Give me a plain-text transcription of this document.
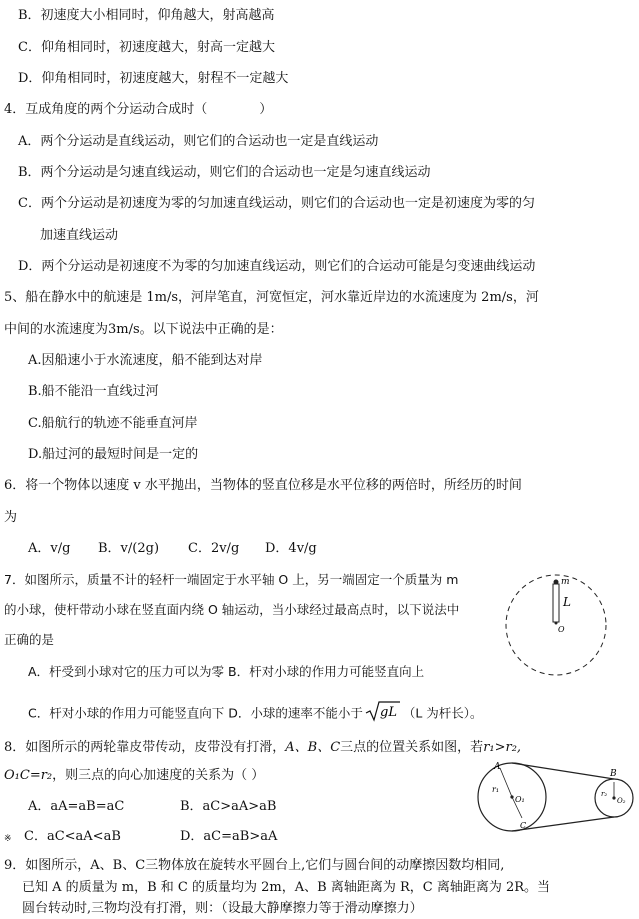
B．初速度大小相同时，仰角越大，射高越高
C．仰角相同时，初速度越大，射高一定越大
D．仰角相同时，初速度越大，射程不一定越大
4．互成角度的两个分运动合成时（　　　　）
A．两个分运动是直线运动，则它们的合运动也一定是直线运动
B．两个分运动是匀速直线运动，则它们的合运动也一定是匀速直线运动
C．两个分运动是初速度为零的匀加速直线运动，则它们的合运动也一定是初速度为零的匀
加速直线运动
D．两个分运动是初速度不为零的匀加速直线运动，则它们的合运动可能是匀变速曲线运动
5、船在静水中的航速是 1m/s，河岸笔直，河宽恒定，河水靠近岸边的水流速度为 2m/s，河
中间的水流速度为3m/s。以下说法中正确的是：
A.因船速小于水流速度，船不能到达对岸
B.船不能沿一直线过河
C.船航行的轨迹不能垂直河岸
D.船过河的最短时间是一定的
6．将一个物体以速度 v 水平抛出，当物体的竖直位移是水平位移的两倍时，所经历的时间
为
A．v/g B．v/(2g) C．2v/g D．4v/g
7．如图所示，质量不计的轻杆一端固定于水平轴 O 上，另一端固定一个质量为 m
的小球，使杆带动小球在竖直面内绕 O 轴运动，当小球经过最高点时，以下说法中
正确的是
A．杆受到小球对它的压力可以为零 B．杆对小球的作用力可能竖直向上
C．杆对小球的作用力可能竖直向下 D．小球的速率不能小于 gL （L 为杆长）。
m
L
O
8．如图所示的两轮靠皮带传动，皮带没有打滑，A、B、C三点的位置关系如图，若r₁>r₂,
O₁C=r₂，则三点的向心加速度的关系为（ ）
A．aA=aB=aC	B．aC>aA>aB
※ C．aC<aA<aB	D．aC=aB>aA
A
B
C
r₁	r₂
O₁	O₂
9．如图所示，A、B、C三物体放在旋转水平圆台上,它们与圆台间的动摩擦因数均相同,
已知 A 的质量为 m，B 和 C 的质量均为 2m，A、B 离轴距离为 R，C 离轴距离为 2R。当
圆台转动时,三物均没有打滑，则：（设最大静摩擦力等于滑动摩擦力）
